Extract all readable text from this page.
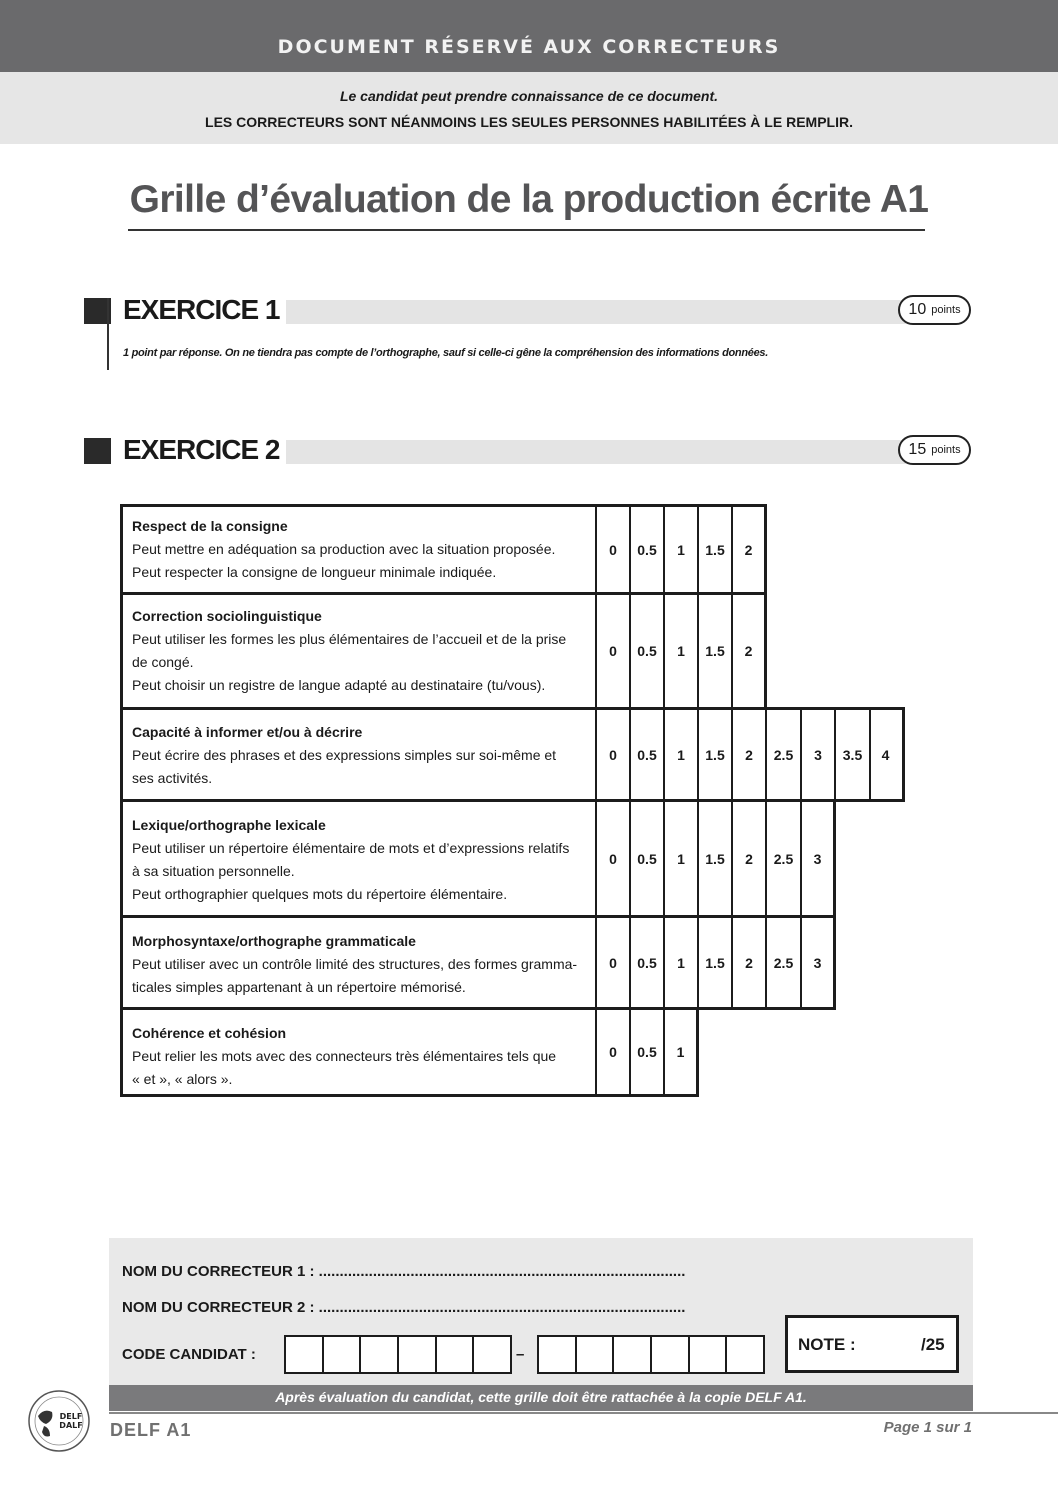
DOCUMENT RÉSERVÉ AUX CORRECTEURS
Le candidat peut prendre connaissance de ce document.
LES CORRECTEURS SONT NÉANMOINS LES SEULES PERSONNES HABILITÉES À LE REMPLIR.
Grille d’évaluation de la production écrite A1
EXERCICE 1	10 points
1 point par réponse. On ne tiendra pas compte de l’orthographe, sauf si celle-ci gêne la compréhension des informations données.
EXERCICE 2	15 points
Respect de la consigne
Peut mettre en adéquation sa production avec la situation proposée.
Peut respecter la consigne de longueur minimale indiquée.
0	0.5	1	1.5	2
Correction sociolinguistique
Peut utiliser les formes les plus élémentaires de l’accueil et de la prise
de congé.
Peut choisir un registre de langue adapté au destinataire (tu/vous).
0	0.5	1	1.5	2
Capacité à informer et/ou à décrire
Peut écrire des phrases et des expressions simples sur soi-même et
ses activités.
0	0.5	1	1.5	2	2.5	3	3.5	4
Lexique/orthographe lexicale
Peut utiliser un répertoire élémentaire de mots et d’expressions relatifs
à sa situation personnelle.
Peut orthographier quelques mots du répertoire élémentaire.
0	0.5	1	1.5	2	2.5	3
Morphosyntaxe/orthographe grammaticale
Peut utiliser avec un contrôle limité des structures, des formes gramma-
ticales simples appartenant à un répertoire mémorisé.
0	0.5	1	1.5	2	2.5	3
Cohérence et cohésion
Peut relier les mots avec des connecteurs très élémentaires tels que
« et », « alors ».
0	0.5	1
NOM DU CORRECTEUR 1 : ........................................................................................
NOM DU CORRECTEUR 2 : ........................................................................................
CODE CANDIDAT :	–
NOTE :	/25
Après évaluation du candidat, cette grille doit être rattachée à la copie DELF A1.
DELF
DALF DELF A1	Page 1 sur 1
